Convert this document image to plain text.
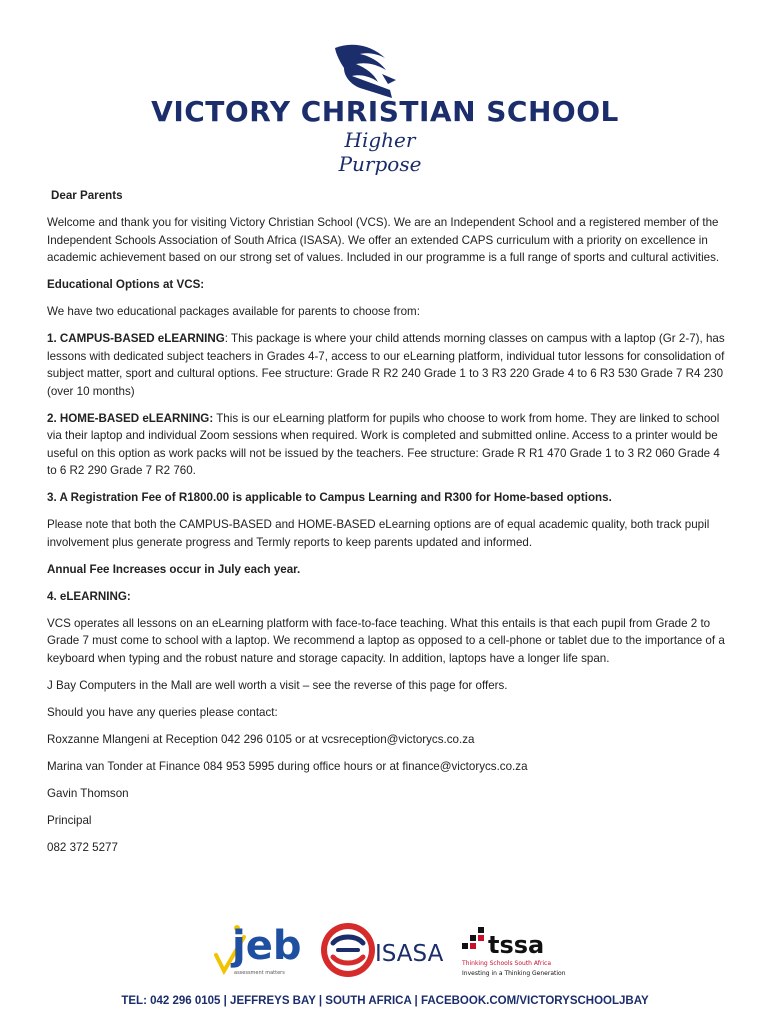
VICTORY CHRISTIAN SCHOOL
Higher Purpose

Dear Parents

Welcome and thank you for visiting Victory Christian School (VCS). We are an Independent School and a registered member of the Independent Schools Association of South Africa (ISASA). We offer an extended CAPS curriculum with a priority on excellence in academic achievement based on our strong set of values. Included in our programme is a full range of sports and cultural activities.

Educational Options at VCS:

We have two educational packages available for parents to choose from:

1. CAMPUS-BASED eLEARNING: This package is where your child attends morning classes on campus with a laptop (Gr 2-7), has lessons with dedicated subject teachers in Grades 4-7, access to our eLearning platform, individual tutor lessons for consolidation of subject matter, sport and cultural options. Fee structure: Grade R R2 240 Grade 1 to 3 R3 220 Grade 4 to 6 R3 530 Grade 7 R4 230 (over 10 months)

2. HOME-BASED eLEARNING: This is our eLearning platform for pupils who choose to work from home. They are linked to school via their laptop and individual Zoom sessions when required. Work is completed and submitted online. Access to a printer would be useful on this option as work packs will not be issued by the teachers. Fee structure: Grade R R1 470 Grade 1 to 3 R2 060 Grade 4 to 6 R2 290 Grade 7 R2 760.

3. A Registration Fee of R1800.00 is applicable to Campus Learning and R300 for Home-based options.

Please note that both the CAMPUS-BASED and HOME-BASED eLearning options are of equal academic quality, both track pupil involvement plus generate progress and Termly reports to keep parents updated and informed.

Annual Fee Increases occur in July each year.

4. eLEARNING:

VCS operates all lessons on an eLearning platform with face-to-face teaching. What this entails is that each pupil from Grade 2 to Grade 7 must come to school with a laptop. We recommend a laptop as opposed to a cell-phone or tablet due to the importance of a keyboard when typing and the robust nature and storage capacity. In addition, laptops have a longer life span.

J Bay Computers in the Mall are well worth a visit – see the reverse of this page for offers.

Should you have any queries please contact:

Roxzanne Mlangeni at Reception 042 296 0105 or at vcsreception@victorycs.co.za

Marina van Tonder at Finance 084 953 5995 during office hours or at finance@victorycs.co.za

Gavin Thomson

Principal

082 372 5277

jeb
assessment matters
ISASA tssa
Thinking Schools South Africa
Investing in a Thinking Generation
TEL: 042 296 0105 | JEFFREYS BAY | SOUTH AFRICA | FACEBOOK.COM/VICTORYSCHOOLJBAY
